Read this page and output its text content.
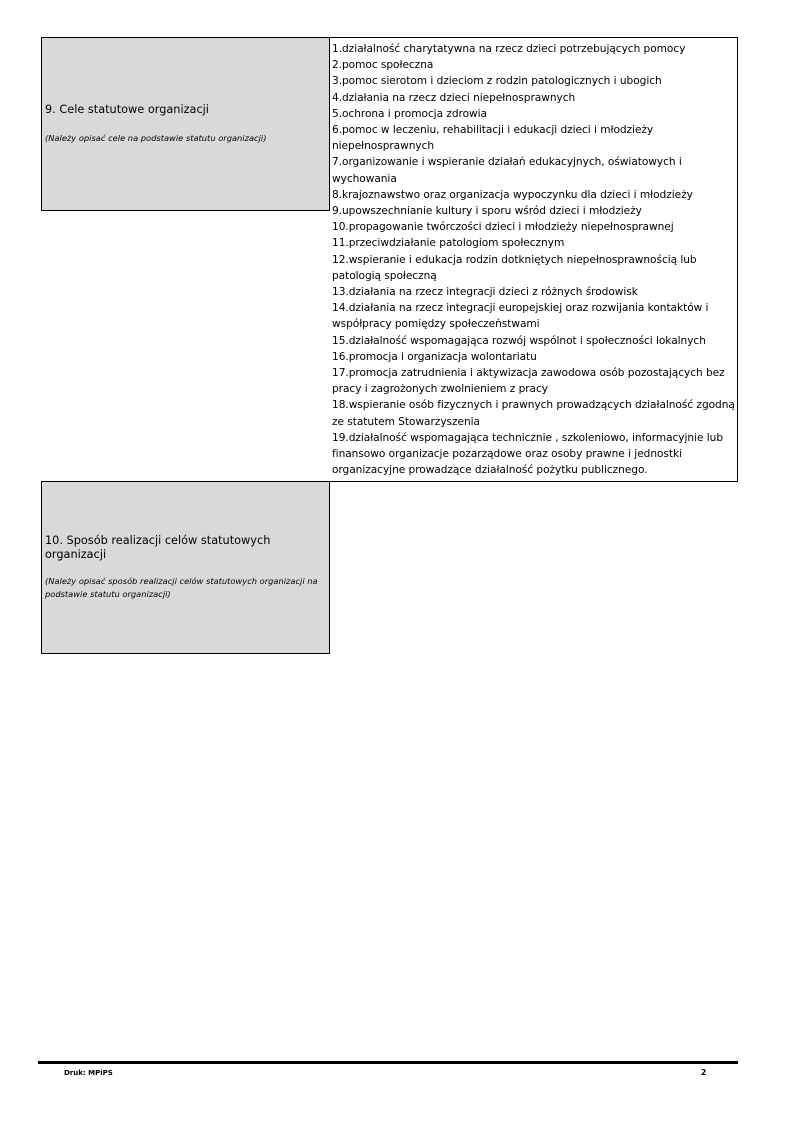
9. Cele statutowe organizacji
(Należy opisać cele na podstawie statutu organizacji)
1.działalność charytatywna na rzecz dzieci potrzebujących pomocy
2.pomoc społeczna
3.pomoc sierotom i dzieciom z rodzin patologicznych i ubogich
4.działania na rzecz dzieci niepełnosprawnych
5.ochrona i promocja zdrowia
6.pomoc w leczeniu, rehabilitacji i edukacji dzieci i młodzieży niepełnosprawnych
7.organizowanie i wspieranie działań edukacyjnych, oświatowych i wychowania
8.krajoznawstwo oraz organizacja wypoczynku dla dzieci i młodzieży
9.upowszechnianie kultury i sporu wśród dzieci i młodzieży
10.propagowanie twórczości dzieci i młodzieży niepełnosprawnej
11.przeciwdziałanie patologiom społecznym
12.wspieranie i edukacja rodzin dotkniętych niepełnosprawnością lub patologią społeczną
13.działania na rzecz integracji dzieci z różnych środowisk
14.działania na rzecz integracji europejskiej oraz rozwijania kontaktów i współpracy pomiędzy społeczeństwami
15.działalność wspomagająca rozwój wspólnot i społeczności lokalnych
16.promocja i organizacja wolontariatu
17.promocja zatrudnienia i aktywizacja zawodowa osób pozostających bez pracy i zagrożonych zwolnieniem z pracy
18.wspieranie osób fizycznych i prawnych prowadzących działalność zgodną ze statutem Stowarzyszenia
19.działalność wspomagająca technicznie , szkoleniowo, informacyjnie lub finansowo organizacje pozarządowe oraz osoby prawne i jednostki organizacyjne prowadzące działalność pożytku publicznego.
10. Sposób realizacji celów statutowych organizacji
(Należy opisać sposób realizacji celów statutowych organizacji na podstawie statutu organizacji)
Druk: MPiPS	2
